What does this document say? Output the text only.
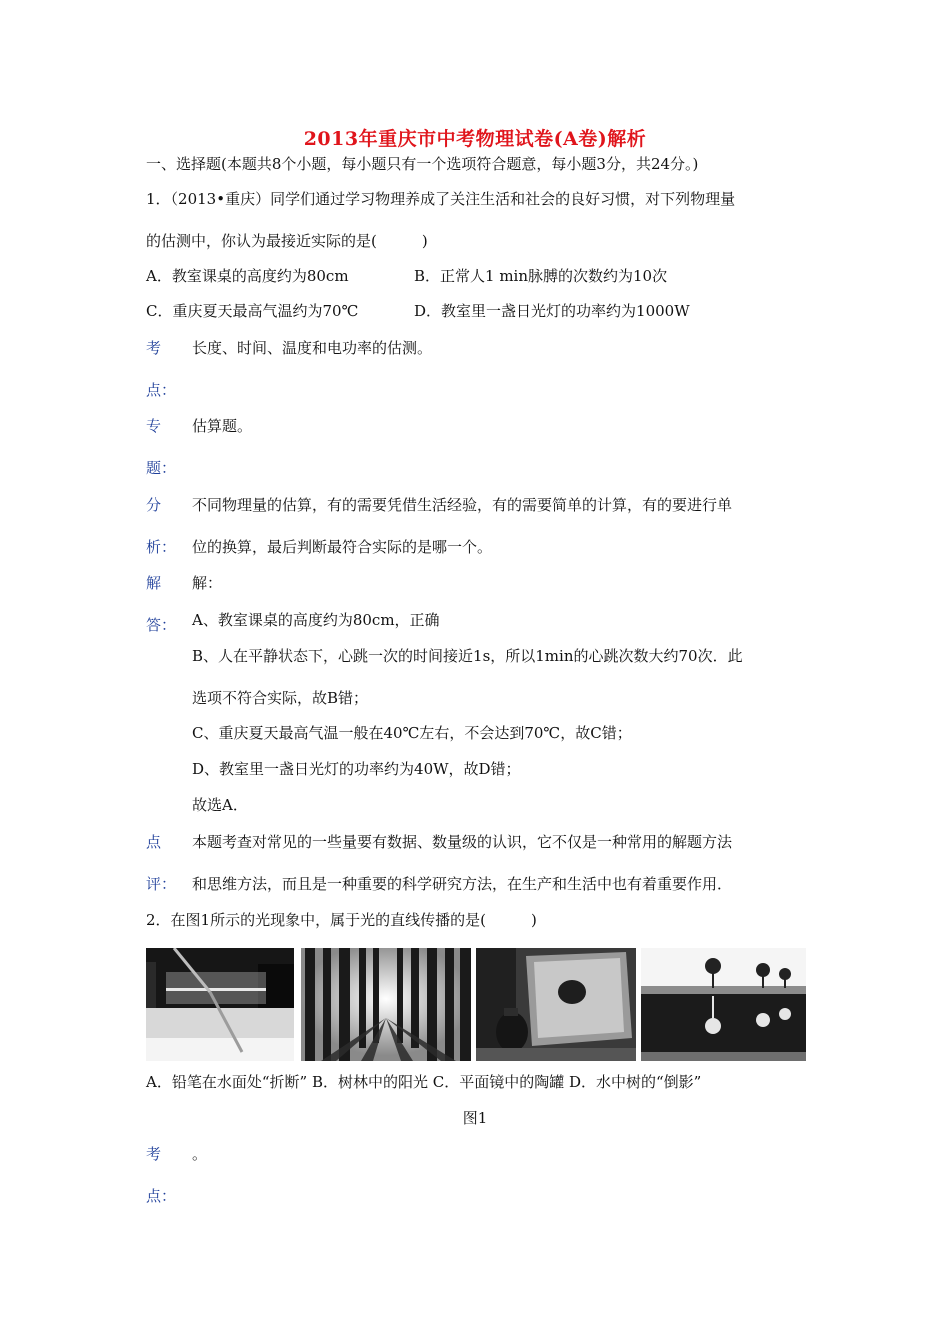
2013年重庆市中考物理试卷(A卷)解析
一、选择题(本题共8个小题，每小题只有一个选项符合题意，每小题3分，共24分。)
1．（2013•重庆）同学们通过学习物理养成了关注生活和社会的良好习惯，对下列物理量
的估测中，你认为最接近实际的是(　　　)
A．教室课桌的高度约为80cm	B．正常人1 min脉膊的次数约为10次
C．重庆夏天最高气温约为70℃	D．教室里一盏日光灯的功率约为1000W
考
点：
长度、时间、温度和电功率的估测。
专
题：
估算题。
分
析：
不同物理量的估算，有的需要凭借生活经验，有的需要简单的计算，有的要进行单
位的换算，最后判断最符合实际的是哪一个。
解
答：
解：
A、教室课桌的高度约为80cm，正确
B、人在平静状态下，心跳一次的时间接近1s，所以1min的心跳次数大约70次．此
选项不符合实际，故B错；
C、重庆夏天最高气温一般在40℃左右，不会达到70℃，故C错；
D、教室里一盏日光灯的功率约为40W，故D错；
故选A．
点
评：
本题考查对常见的一些量要有数据、数量级的认识，它不仅是一种常用的解题方法
和思维方法，而且是一种重要的科学研究方法，在生产和生活中也有着重要作用．
2．在图1所示的光现象中，属于光的直线传播的是(　　　)
A．铅笔在水面处“折断” B．树林中的阳光 C．平面镜中的陶罐 D．水中树的“倒影”
图1
考
点：
。
